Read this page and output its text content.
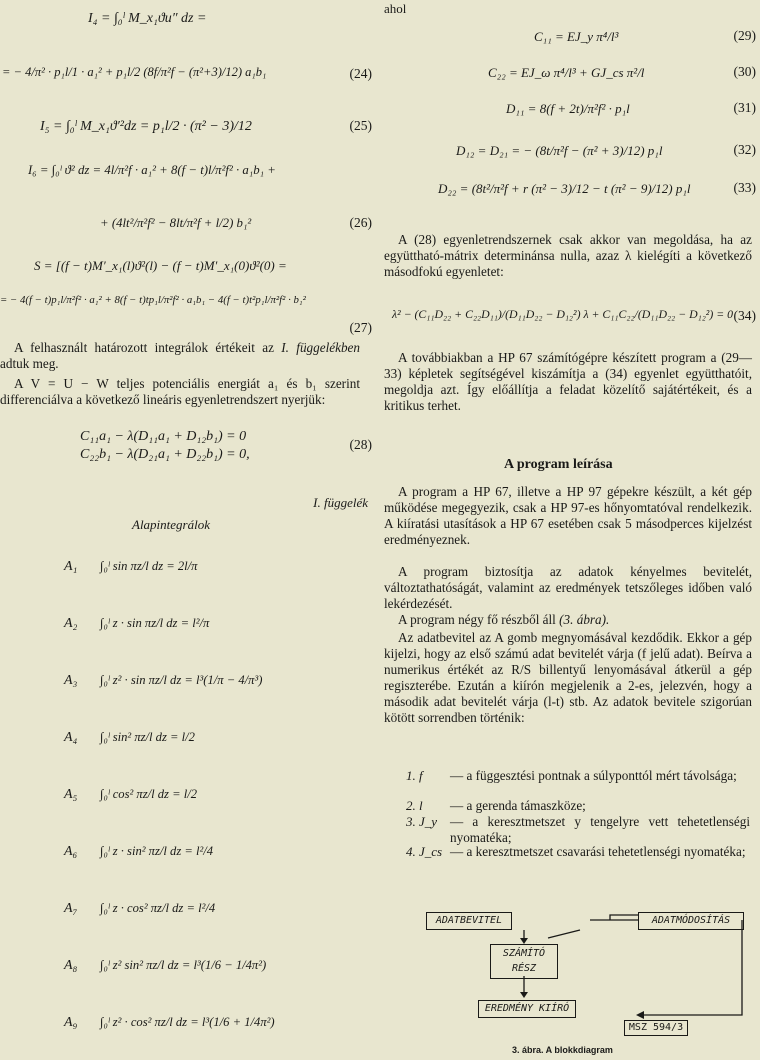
I₄ = ∫₀ˡ M_x₁ϑu″ dz =
= − 4/π² · p₁l/1 · a₁² + p₁l/2 (8f/π²f − (π²+3)/12) a₁b₁	(24)
I₅ = ∫₀ˡ M_x₁ϑ′²dz = p₁l/2 · (π² − 3)/12	(25)
I₆ = ∫₀ˡ ϑ² dz = 4l/π²f · a₁² + 8(f − t)l/π²f² · a₁b₁ +
+ (4lt²/π²f² − 8lt/π²f + l/2) b₁²	(26)
S = [(f − t)M′_x₁(l)ϑ²(l) − (f − t)M′_x₁(0)ϑ²(0) =
= − 4(f − t)p₁l/π²f² · a₁² + 8(f − t)tp₁l/π²f² · a₁b₁ − 4(f − t)t²p₁l/π²f² · b₁²
(27)
A felhasznált határozott integrálok értékeit az I. függelékben adtuk meg.
A V = U − W teljes potenciális energiát a₁ és b₁ szerint differenciálva a következő lineáris egyenletrendszert nyerjük:
C₁₁a₁ − λ(D₁₁a₁ + D₁₂b₁) = 0
C₂₂b₁ − λ(D₂₁a₁ + D₂₂b₁) = 0,
(28)
I. függelék
Alapintegrálok
A₁ ∫₀ˡ sin πz/l dz = 2l/π
A₂ ∫₀ˡ z · sin πz/l dz = l²/π
A₃ ∫₀ˡ z² · sin πz/l dz = l³(1/π − 4/π³)
A₄ ∫₀ˡ sin² πz/l dz = l/2
A₅ ∫₀ˡ cos² πz/l dz = l/2
A₆ ∫₀ˡ z · sin² πz/l dz = l²/4
A₇ ∫₀ˡ z · cos² πz/l dz = l²/4
A₈ ∫₀ˡ z² sin² πz/l dz = l³(1/6 − 1/4π²)
A₉ ∫₀ˡ z² · cos² πz/l dz = l³(1/6 + 1/4π²)
ahol
C₁₁ = EJ_y π⁴/l³	(29)
C₂₂ = EJ_ω π⁴/l³ + GJ_cs π²/l	(30)
D₁₁ = 8(f + 2t)/π²f² · p₁l	(31)
D₁₂ = D₂₁ = − (8t/π²f − (π² + 3)/12) p₁l	(32)
D₂₂ = (8t²/π²f + r (π² − 3)/12 − t (π² − 9)/12) p₁l	(33)
A (28) egyenletrendszernek csak akkor van megoldása, ha az együttható-mátrix determinánsa nulla, azaz λ kielégíti a következő másodfokú egyenletet:
λ² − (C₁₁D₂₂ + C₂₂D₁₁)/(D₁₁D₂₂ − D₁₂²) λ + C₁₁C₂₂/(D₁₁D₂₂ − D₁₂²) = 0 (34)
A továbbiakban a HP 67 számítógépre készített program a (29—33) képletek segítségével kiszámítja a (34) egyenlet együtthatóit, megoldja azt. Így előállítja a feladat közelítő sajátértékeit, és a kritikus terhet.
A program leírása
A program a HP 67, illetve a HP 97 gépekre készült, a két gép működése megegyezik, csak a HP 97-es hőnyomtatóval rendelkezik. A kiíratási utasítások a HP 67 esetében csak 5 másodperces kijelzést eredményeznek.
A program biztosítja az adatok kényelmes bevitelét, változtathatóságát, valamint az eredmények tetszőleges időben való lekérdezését.
A program négy fő részből áll (3. ábra).
Az adatbevitel az A gomb megnyomásával kezdődik. Ekkor a gép kijelzi, hogy az első számú adat bevitelét várja (f jelű adat). Beírva a numerikus értékét az R/S billentyű lenyomásával átkerül a gép regiszterébe. Ezután a kiírón megjelenik a 2-es, jelezvén, hogy a második adat bevitelét várja (l-t) stb. Az adatok bevitele szigorúan kötött sorrendben történik:
1. f — a függesztési pontnak a súlyponttól mért távolsága;
2. l — a gerenda támaszköze;
3. J_y — a keresztmetszet y tengelyre vett tehetetlenségi nyomatéka;
4. J_cs — a keresztmetszet csavarási tehetetlenségi nyomatéka;
ADATBEVITEL	ADATMÓDOSÍTÁS
SZÁMÍTÓ
RÉSZ
EREDMÉNY KIÍRÓ
MSZ 594/3
3. ábra. A blokkdiagram
